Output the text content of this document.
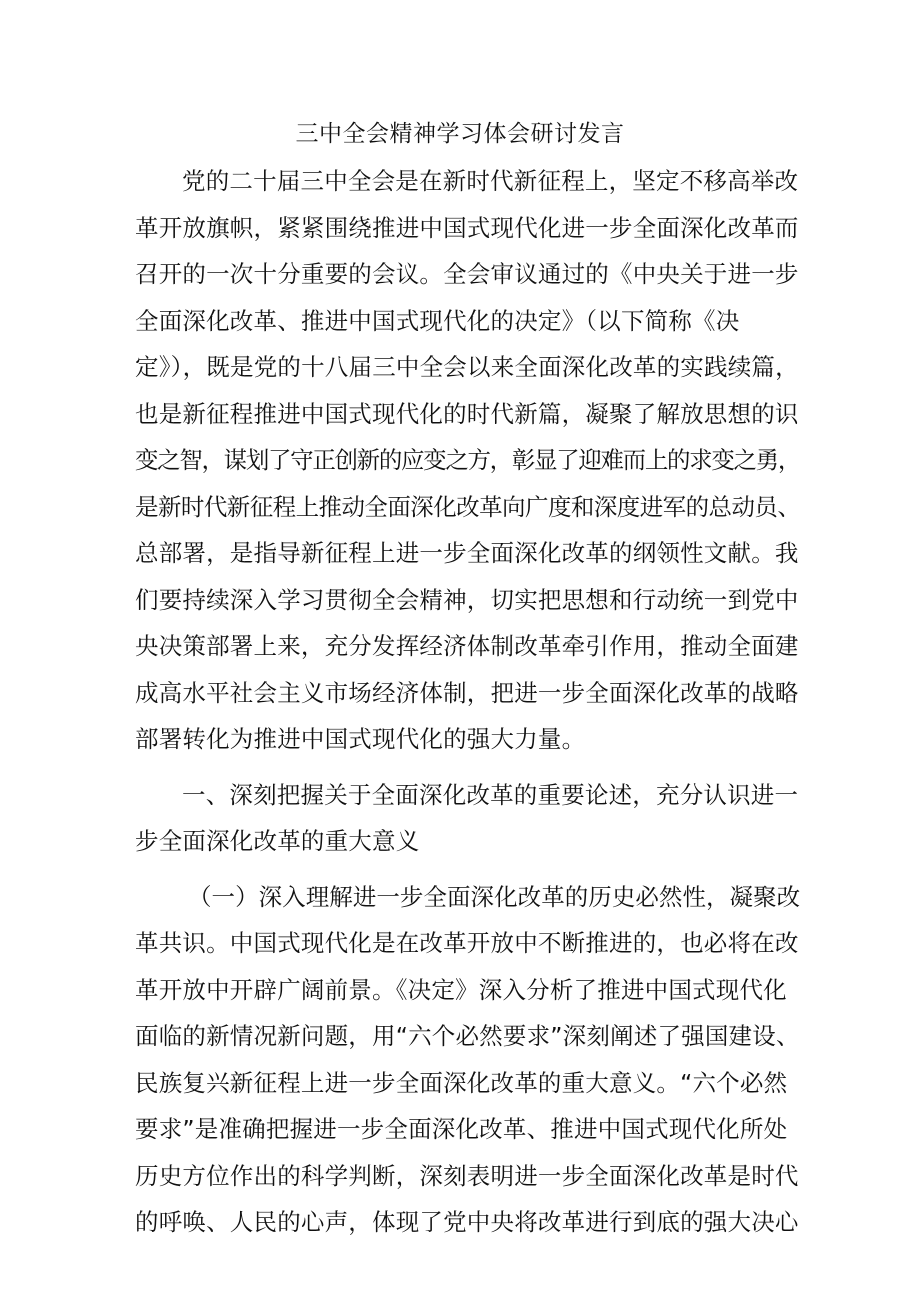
三中全会精神学习体会研讨发言
党的二十届三中全会是在新时代新征程上，坚定不移高举改
革开放旗帜，紧紧围绕推进中国式现代化进一步全面深化改革而
召开的一次十分重要的会议。全会审议通过的《中央关于进一步
全面深化改革、推进中国式现代化的决定》（以下简称《决
定》），既是党的十八届三中全会以来全面深化改革的实践续篇，
也是新征程推进中国式现代化的时代新篇，凝聚了解放思想的识
变之智，谋划了守正创新的应变之方，彰显了迎难而上的求变之勇，
是新时代新征程上推动全面深化改革向广度和深度进军的总动员、
总部署，是指导新征程上进一步全面深化改革的纲领性文献。我
们要持续深入学习贯彻全会精神，切实把思想和行动统一到党中
央决策部署上来，充分发挥经济体制改革牵引作用，推动全面建
成高水平社会主义市场经济体制，把进一步全面深化改革的战略
部署转化为推进中国式现代化的强大力量。
一、深刻把握关于全面深化改革的重要论述，充分认识进一
步全面深化改革的重大意义
（一）深入理解进一步全面深化改革的历史必然性，凝聚改
革共识。中国式现代化是在改革开放中不断推进的，也必将在改
革开放中开辟广阔前景。《决定》深入分析了推进中国式现代化
面临的新情况新问题，用“六个必然要求”深刻阐述了强国建设、
民族复兴新征程上进一步全面深化改革的重大意义。“六个必然
要求”是准确把握进一步全面深化改革、推进中国式现代化所处
历史方位作出的科学判断，深刻表明进一步全面深化改革是时代
的呼唤、人民的心声，体现了党中央将改革进行到底的强大决心
